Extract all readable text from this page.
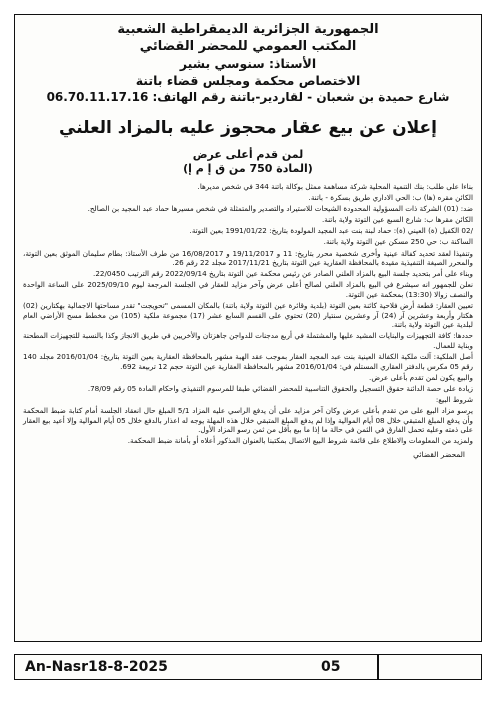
الجمهورية الجزائرية الديمقراطية الشعبية
المكتب العمومي للمحضر القضائي
الأستاذ: سنوسي بشير
الاختصاص محكمة ومجلس قضاء باتنة
شارع حميدة بن شعبان - لقاردير-باتنة رقم الهاتف: 06.70.11.17.16
إعلان عن بيع عقار محجوز عليه بالمزاد العلني
لمن قدم أعلى عرض
(المادة 750 من ق إ م إ)

بناءا على طلب: بنك التنمية المحلية شركة مساهمة ممثل بوكالة باتنة 344 في شخص مديرها.

الكائن مقره (ها) ب: الحي الاداري طريق بسكرة - باتنة.

ضد: (01) الشركة ذات المسؤولية المحدودة الشيحات للاستيراد والتصدير والمتمثلة في شخص مسيرها حماد عبد المجيد بن الصالح.

الكائن مقرها ب: شارع السبع عين التوتة ولاية باتنة.

/02 الكفيل (ة) العيني (ة): حماد لبنة بنت عبد المجيد المولودة بتاريخ: 1991/01/22 بعين التوتة.

الساكنة ب: حي 250 مسكن عين التوتة ولاية باتنة.

وتنفيذا لعقد تحديد كفالة عينية وأخرى شخصية محرر بتاريخ: 11 و 19/11/2017 و 16/08/2017 من طرف الأستاذ: بطام سليمان الموثق بعين التوتة، والمحرر الصيغة التنفيذية مقيدة بالمحافظة العقارية عين التوتة بتاريخ 2017/11/21 مجلد 22 رقم 26.

وبناء على أمر بتحديد جلسة البيع بالمزاد العلني الصادر عن رئيس محكمة عين التوتة بتاريخ 2022/09/14 رقم الترتيب 22/0450.

نعلن للجمهور انه سيشرع في البيع بالمزاد العلني لصالح أعلى عرض وآخر مزايد للعقار في الجلسة المرجعة ليوم 2025/09/10 على الساعة الواحدة والنصف زوالا (13:30) بمحكمة عين التوتة.

تعيين العقار: قطعة أرض فلاحية كائنة بعين التوتة (بلدية وقائرة عين التوتة ولاية باتنة) بالمكان المسمى "تحويجت" تقدر مساحتها الاجمالية بهكتارين (02) هكتار وأربعة وعشرين آر (24) آر وعشرين سنتيار (20) تحتوي على القسم السابع عشر (17) مجموعة ملكية (105) من مخطط مسح الأراضي العام لبلدية عين التوتة ولاية باتنة.

حددها: كافة التجهيزات والبنايات المشيد عليها والمشتملة في أربع مدجنات للدواجن جاهزتان والأخريين في طريق الانجاز وكذا بالنسبة للتجهيزات المطحنة وبناية للعمال.

أصل الملكية: آلت ملكية الكفالة العينية بنت عبد المجيد العقار بموجب عقد الهبة مشهر بالمحافظة العقارية بعين التوتة بتاريخ: 2016/01/04 مجلد 140 رقم 05 مكرس بالدفتر العقاري المستلم في: 2016/01/04 مشهر بالمحافظة العقارية عين التوتة حجم 12 تربيعة 692.

والبيع يكون لمن تقدم بأعلى عرض.

زيادة على حصة الدائنة حقوق التسجيل والحقوق التناسبية للمحضر القضائي طبقا للمرسوم التنفيذي واحكام المادة 05 رقم 78/09.

شروط البيع:

يرسو مزاد البيع على من تقدم بأعلى عرض وكان آخر مزايد على أن يدفع الراسي عليه المزاد 5/1 المبلغ حال انعقاد الجلسة أمام كتابة ضبط المحكمة وأن يدفع المبلغ المتبقي خلال 08 أيام الموالية وإذا لم يدفع المبلغ المتبقي خلال هذه المهلة يوجه له اعذار بالدفع خلال 05 أيام الموالية وإلا أعيد بيع العقار على ذمته وعليه تحمل الفارق في الثمن في حالة ما إذا ما بيع بأقل من ثمن رسو المزاد الأول.

ولمزيد من المعلومات والاطلاع على قائمة شروط البيع الاتصال بمكتبنا بالعنوان المذكور أعلاه أو بأمانة ضبط المحكمة.

المحضر القضائي
An-Nasr18-8-2025	05
